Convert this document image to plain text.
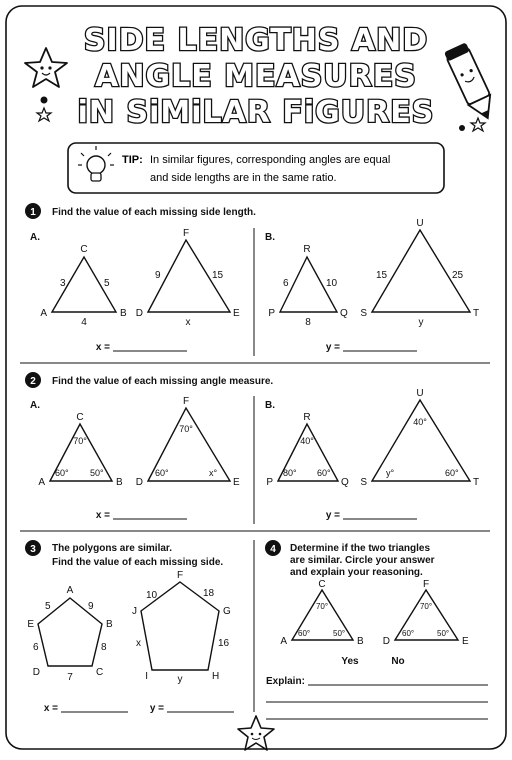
SIDE LENGTHS AND
ANGLE MEASURES
iN SiMiLAR FiGURES
TIP: In similar figures, corresponding angles are equal
and side lengths are in the same ratio.
1 Find the value of each missing side length.
A.
C
A	B
3	5
4
F
D	E
9	15
x
x =
B.
R
P	Q
6	10
8
U
S	T
15	25
y
y =
2 Find the value of each missing angle measure.
A.
C
A	B
70°
60° 50°
F
D	E
70°
60°	x°
x =
B.
R
P	Q
40°
80° 60°
U
S	T
40°
y°	60°
y =
3 The polygons are similar.
Find the value of each missing side.
A
B
C
D
E
9
8
7
6
5
F
G
H
I
J
18
16
y
x
10
x =	y =
4 Determine if the two triangles
are similar. Circle your answer
and explain your reasoning.
C
A	B
70°
60°	50°
F
D	E
70°
60°	50°
Yes	No
Explain:
